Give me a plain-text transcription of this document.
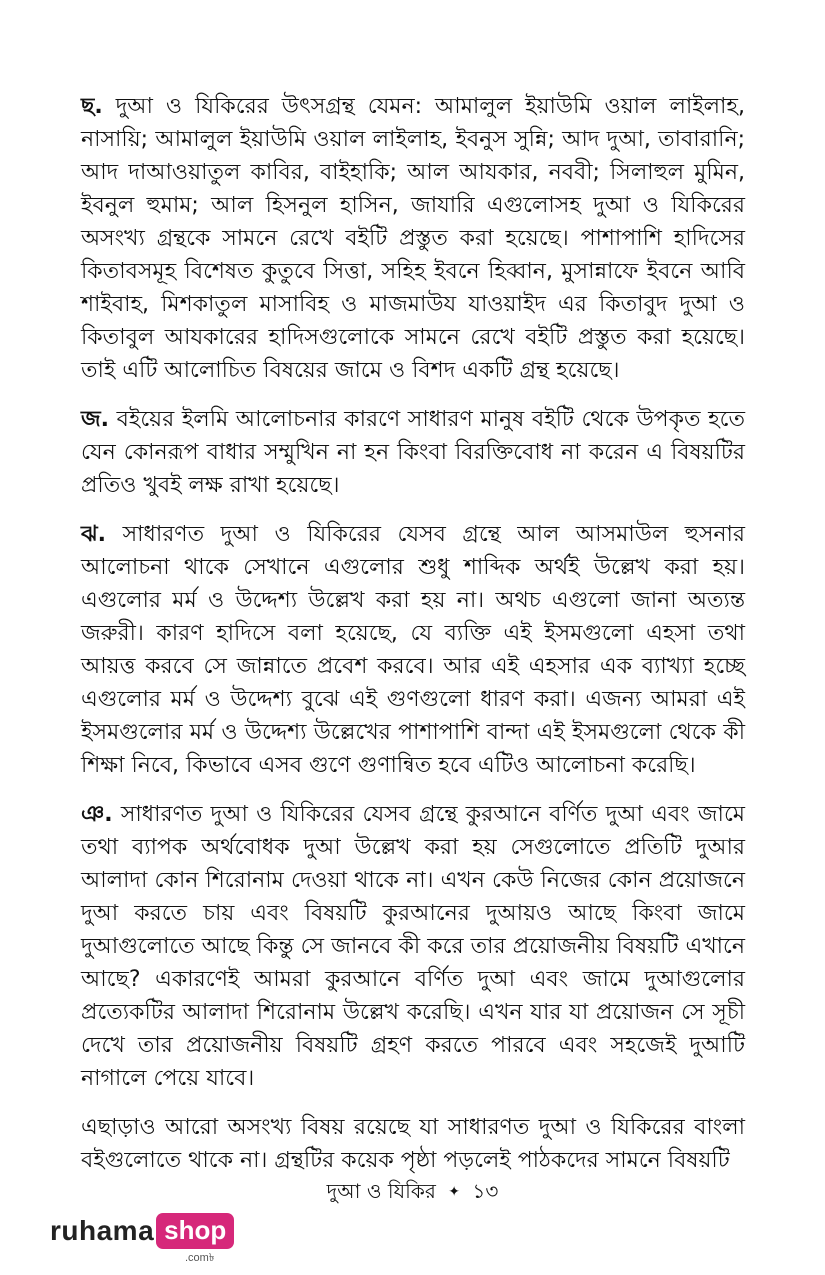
ছ. দুআ ও যিকিরের উৎসগ্রন্থ যেমন: আমালুল ইয়াউমি ওয়াল লাইলাহ, নাসায়ি; আমালুল ইয়াউমি ওয়াল লাইলাহ, ইবনুস সুন্নি; আদ দুআ, তাবারানি; আদ দাআওয়াতুল কাবির, বাইহাকি; আল আযকার, নববী; সিলাহুল মুমিন, ইবনুল হুমাম; আল হিসনুল হাসিন, জাযারি এগুলোসহ দুআ ও যিকিরের অসংখ্য গ্রন্থকে সামনে রেখে বইটি প্রস্তুত করা হয়েছে। পাশাপাশি হাদিসের কিতাবসমূহ বিশেষত কুতুবে সিত্তা, সহিহ ইবনে হিব্বান, মুসান্নাফে ইবনে আবি শাইবাহ, মিশকাতুল মাসাবিহ ও মাজমাউয যাওয়াইদ এর কিতাবুদ দুআ ও কিতাবুল আযকারের হাদিসগুলোকে সামনে রেখে বইটি প্রস্তুত করা হয়েছে। তাই এটি আলোচিত বিষয়ের জামে ও বিশদ একটি গ্রন্থ হয়েছে।

জ. বইয়ের ইলমি আলোচনার কারণে সাধারণ মানুষ বইটি থেকে উপকৃত হতে যেন কোনরূপ বাধার সম্মুখিন না হন কিংবা বিরক্তিবোধ না করেন এ বিষয়টির প্রতিও খুবই লক্ষ রাখা হয়েছে।

ঝ. সাধারণত দুআ ও যিকিরের যেসব গ্রন্থে আল আসমাউল হুসনার আলোচনা থাকে সেখানে এগুলোর শুধু শাব্দিক অর্থই উল্লেখ করা হয়। এগুলোর মর্ম ও উদ্দেশ্য উল্লেখ করা হয় না। অথচ এগুলো জানা অত্যন্ত জরুরী। কারণ হাদিসে বলা হয়েছে, যে ব্যক্তি এই ইসমগুলো এহসা তথা আয়ত্ত করবে সে জান্নাতে প্রবেশ করবে। আর এই এহসার এক ব্যাখ্যা হচ্ছে এগুলোর মর্ম ও উদ্দেশ্য বুঝে এই গুণগুলো ধারণ করা। এজন্য আমরা এই ইসমগুলোর মর্ম ও উদ্দেশ্য উল্লেখের পাশাপাশি বান্দা এই ইসমগুলো থেকে কী শিক্ষা নিবে, কিভাবে এসব গুণে গুণান্বিত হবে এটিও আলোচনা করেছি।

ঞ. সাধারণত দুআ ও যিকিরের যেসব গ্রন্থে কুরআনে বর্ণিত দুআ এবং জামে তথা ব্যাপক অর্থবোধক দুআ উল্লেখ করা হয় সেগুলোতে প্রতিটি দুআর আলাদা কোন শিরোনাম দেওয়া থাকে না। এখন কেউ নিজের কোন প্রয়োজনে দুআ করতে চায় এবং বিষয়টি কুরআনের দুআয়ও আছে কিংবা জামে দুআগুলোতে আছে কিন্তু সে জানবে কী করে তার প্রয়োজনীয় বিষয়টি এখানে আছে? একারণেই আমরা কুরআনে বর্ণিত দুআ এবং জামে দুআগুলোর প্রত্যেকটির আলাদা শিরোনাম উল্লেখ করেছি। এখন যার যা প্রয়োজন সে সূচী দেখে তার প্রয়োজনীয় বিষয়টি গ্রহণ করতে পারবে এবং সহজেই দুআটি নাগালে পেয়ে যাবে।

এছাড়াও আরো অসংখ্য বিষয় রয়েছে যা সাধারণত দুআ ও যিকিরের বাংলা বইগুলোতে থাকে না। গ্রন্থটির কয়েক পৃষ্ঠা পড়লেই পাঠকদের সামনে বিষয়টি

দুআ ও যিকির ✦ ১৩
ruhama shop
.com৳
